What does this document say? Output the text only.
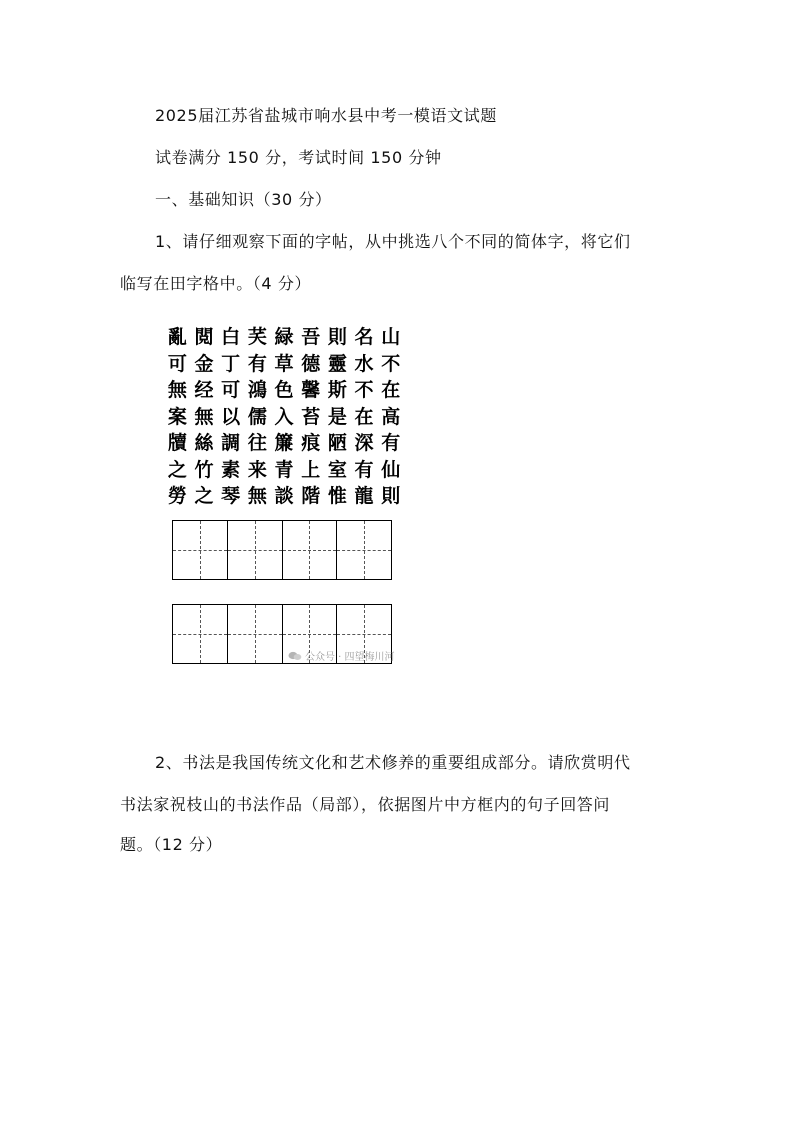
2025届江苏省盐城市响水县中考一模语文试题
试卷满分 150 分，考试时间 150 分钟
一、基础知识（30 分）
1、请仔细观察下面的字帖，从中挑选八个不同的简体字，将它们
临写在田字格中。（4 分）
亂 閲 白 芺 緑 吾 則 名 山
可 金 丁 有 草 德 靈 水 不
無 经 可 鴻 色 馨 斯 不 在
案 無 以 儒 入 苔 是 在 高
牘 絲 調 往 簾 痕 陋 深 有
之 竹 素 来 青 上 室 有 仙
勞 之 琴 無 談 階 惟 龍 則
公众号 · 四望梅川河
2、书法是我国传统文化和艺术修养的重要组成部分。请欣赏明代
书法家祝枝山的书法作品（局部），依据图片中方框内的句子回答问
题。（12 分）
